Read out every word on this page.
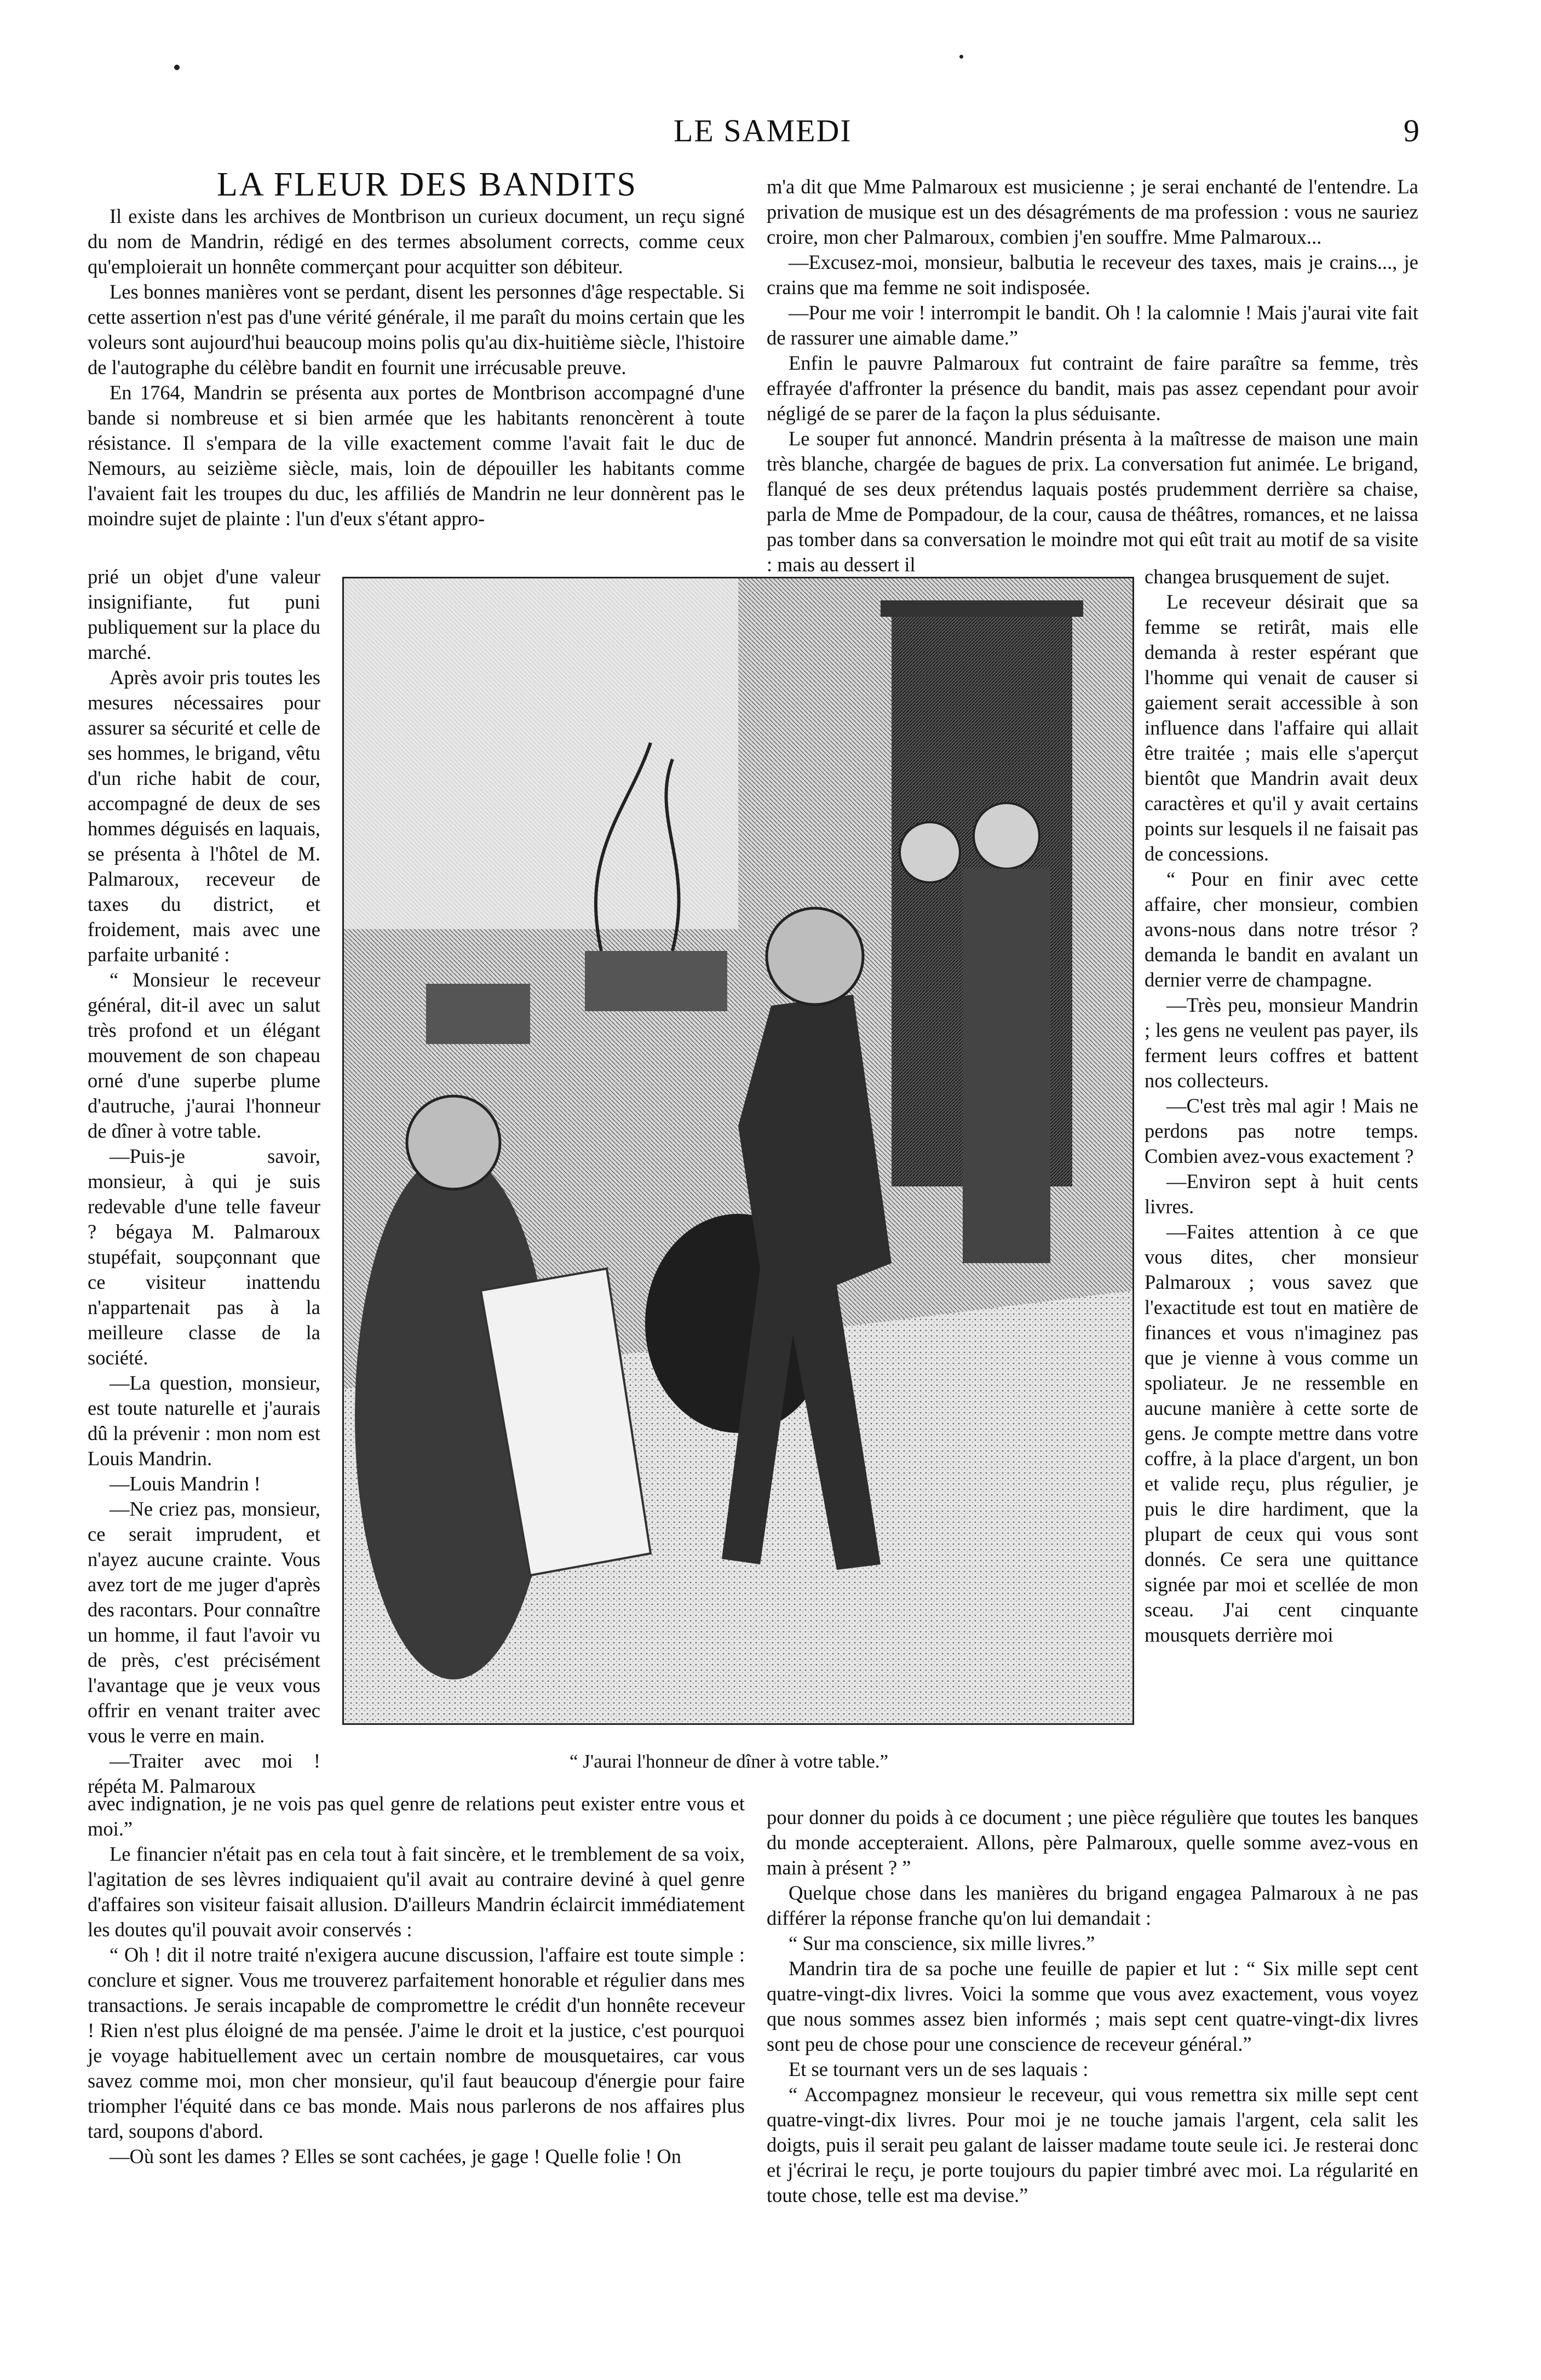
LE SAMEDI	9
LA FLEUR DES BANDITS

Il existe dans les archives de Montbrison un curieux document, un reçu signé du nom de Mandrin, rédigé en des termes absolument corrects, comme ceux qu'emploierait un honnête commerçant pour acquitter son débiteur.

Les bonnes manières vont se perdant, disent les personnes d'âge respectable. Si cette assertion n'est pas d'une vérité générale, il me paraît du moins certain que les voleurs sont aujourd'hui beaucoup moins polis qu'au dix-huitième siècle, l'histoire de l'autographe du célèbre bandit en fournit une irrécusable preuve.

En 1764, Mandrin se présenta aux portes de Montbrison accompagné d'une bande si nombreuse et si bien armée que les habitants renoncèrent à toute résistance. Il s'empara de la ville exactement comme l'avait fait le duc de Nemours, au seizième siècle, mais, loin de dépouiller les habitants comme l'avaient fait les troupes du duc, les affiliés de Mandrin ne leur donnèrent pas le moindre sujet de plainte : l'un d'eux s'étant appro-

prié un objet d'une valeur insignifiante, fut puni publiquement sur la place du marché.

Après avoir pris toutes les mesures nécessaires pour assurer sa sécurité et celle de ses hommes, le brigand, vêtu d'un riche habit de cour, accompagné de deux de ses hommes déguisés en laquais, se présenta à l'hôtel de M. Palmaroux, receveur de taxes du district, et froidement, mais avec une parfaite urbanité :

“ Monsieur le receveur général, dit-il avec un salut très profond et un élégant mouvement de son chapeau orné d'une superbe plume d'autruche, j'aurai l'honneur de dîner à votre table.

—Puis-je savoir, monsieur, à qui je suis redevable d'une telle faveur ? bégaya M. Palmaroux stupéfait, soupçonnant que ce visiteur inattendu n'appartenait pas à la meilleure classe de la société.

—La question, monsieur, est toute naturelle et j'aurais dû la prévenir : mon nom est Louis Mandrin.

—Louis Mandrin !

—Ne criez pas, monsieur, ce serait imprudent, et n'ayez aucune crainte. Vous avez tort de me juger d'après des racontars. Pour connaître un homme, il faut l'avoir vu de près, c'est précisément l'avantage que je veux vous offrir en venant traiter avec vous le verre en main.

—Traiter avec moi ! répéta M. Palmaroux

avec indignation, je ne vois pas quel genre de relations peut exister entre vous et moi.”

Le financier n'était pas en cela tout à fait sincère, et le tremblement de sa voix, l'agitation de ses lèvres indiquaient qu'il avait au contraire deviné à quel genre d'affaires son visiteur faisait allusion. D'ailleurs Mandrin éclaircit immédiatement les doutes qu'il pouvait avoir conservés :

“ Oh ! dit il notre traité n'exigera aucune discussion, l'affaire est toute simple : conclure et signer. Vous me trouverez parfaitement honorable et régulier dans mes transactions. Je serais incapable de compromettre le crédit d'un honnête receveur ! Rien n'est plus éloigné de ma pensée. J'aime le droit et la justice, c'est pourquoi je voyage habituellement avec un certain nombre de mousquetaires, car vous savez comme moi, mon cher monsieur, qu'il faut beaucoup d'énergie pour faire triompher l'équité dans ce bas monde. Mais nous parlerons de nos affaires plus tard, soupons d'abord.

—Où sont les dames ? Elles se sont cachées, je gage ! Quelle folie ! On

m'a dit que Mme Palmaroux est musicienne ; je serai enchanté de l'entendre. La privation de musique est un des désagréments de ma profession : vous ne sauriez croire, mon cher Palmaroux, combien j'en souffre. Mme Palmaroux...

—Excusez-moi, monsieur, balbutia le receveur des taxes, mais je crains..., je crains que ma femme ne soit indisposée.

—Pour me voir ! interrompit le bandit. Oh ! la calomnie ! Mais j'aurai vite fait de rassurer une aimable dame.”

Enfin le pauvre Palmaroux fut contraint de faire paraître sa femme, très effrayée d'affronter la présence du bandit, mais pas assez cependant pour avoir négligé de se parer de la façon la plus séduisante.

Le souper fut annoncé. Mandrin présenta à la maîtresse de maison une main très blanche, chargée de bagues de prix. La conversation fut animée. Le brigand, flanqué de ses deux prétendus laquais postés prudemment derrière sa chaise, parla de Mme de Pompadour, de la cour, causa de théâtres, romances, et ne laissa pas tomber dans sa conversation le moindre mot qui eût trait au motif de sa visite : mais au dessert il

changea brusquement de sujet.

Le receveur désirait que sa femme se retirât, mais elle demanda à rester espérant que l'homme qui venait de causer si gaiement serait accessible à son influence dans l'affaire qui allait être traitée ; mais elle s'aperçut bientôt que Mandrin avait deux caractères et qu'il y avait certains points sur lesquels il ne faisait pas de concessions.

“ Pour en finir avec cette affaire, cher monsieur, combien avons-nous dans notre trésor ? demanda le bandit en avalant un dernier verre de champagne.

—Très peu, monsieur Mandrin ; les gens ne veulent pas payer, ils ferment leurs coffres et battent nos collecteurs.

—C'est très mal agir ! Mais ne perdons pas notre temps. Combien avez-vous exactement ?

—Environ sept à huit cents livres.

—Faites attention à ce que vous dites, cher monsieur Palmaroux ; vous savez que l'exactitude est tout en matière de finances et vous n'imaginez pas que je vienne à vous comme un spoliateur. Je ne ressemble en aucune manière à cette sorte de gens. Je compte mettre dans votre coffre, à la place d'argent, un bon et valide reçu, plus régulier, je puis le dire hardiment, que la plupart de ceux qui vous sont donnés. Ce sera une quittance signée par moi et scellée de mon sceau. J'ai cent cinquante mousquets derrière moi

pour donner du poids à ce document ; une pièce régulière que toutes les banques du monde accepteraient. Allons, père Palmaroux, quelle somme avez-vous en main à présent ? ”

Quelque chose dans les manières du brigand engagea Palmaroux à ne pas différer la réponse franche qu'on lui demandait :

“ Sur ma conscience, six mille livres.”

Mandrin tira de sa poche une feuille de papier et lut : “ Six mille sept cent quatre-vingt-dix livres. Voici la somme que vous avez exactement, vous voyez que nous sommes assez bien informés ; mais sept cent quatre-vingt-dix livres sont peu de chose pour une conscience de receveur général.”

Et se tournant vers un de ses laquais :

“ Accompagnez monsieur le receveur, qui vous remettra six mille sept cent quatre-vingt-dix livres. Pour moi je ne touche jamais l'argent, cela salit les doigts, puis il serait peu galant de laisser madame toute seule ici. Je resterai donc et j'écrirai le reçu, je porte toujours du papier timbré avec moi. La régularité en toute chose, telle est ma devise.”

“ J'aurai l'honneur de dîner à votre table.”
